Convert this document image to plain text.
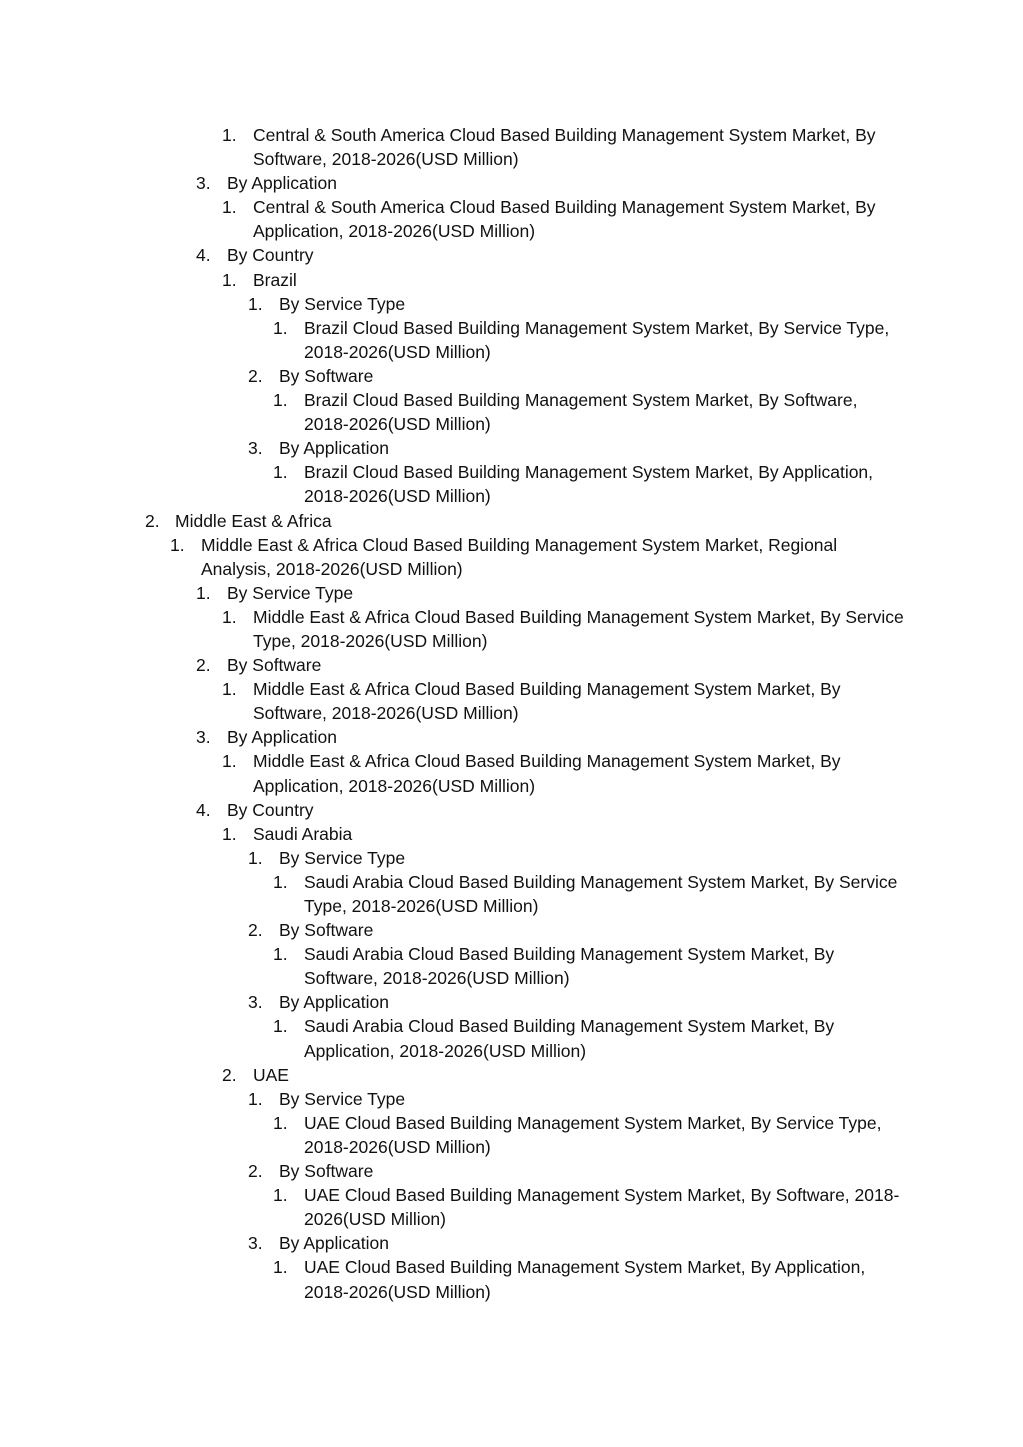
1. Central & South America Cloud Based Building Management System Market, By Software, 2018-2026(USD Million)
3. By Application
1. Central & South America Cloud Based Building Management System Market, By Application, 2018-2026(USD Million)
4. By Country
1. Brazil
1. By Service Type
1. Brazil Cloud Based Building Management System Market, By Service Type, 2018-2026(USD Million)
2. By Software
1. Brazil Cloud Based Building Management System Market, By Software, 2018-2026(USD Million)
3. By Application
1. Brazil Cloud Based Building Management System Market, By Application, 2018-2026(USD Million)
2. Middle East & Africa
1. Middle East & Africa Cloud Based Building Management System Market, Regional Analysis, 2018-2026(USD Million)
1. By Service Type
1. Middle East & Africa Cloud Based Building Management System Market, By Service Type, 2018-2026(USD Million)
2. By Software
1. Middle East & Africa Cloud Based Building Management System Market, By Software, 2018-2026(USD Million)
3. By Application
1. Middle East & Africa Cloud Based Building Management System Market, By Application, 2018-2026(USD Million)
4. By Country
1. Saudi Arabia
1. By Service Type
1. Saudi Arabia Cloud Based Building Management System Market, By Service Type, 2018-2026(USD Million)
2. By Software
1. Saudi Arabia Cloud Based Building Management System Market, By Software, 2018-2026(USD Million)
3. By Application
1. Saudi Arabia Cloud Based Building Management System Market, By Application, 2018-2026(USD Million)
2. UAE
1. By Service Type
1. UAE Cloud Based Building Management System Market, By Service Type, 2018-2026(USD Million)
2. By Software
1. UAE Cloud Based Building Management System Market, By Software, 2018-2026(USD Million)
3. By Application
1. UAE Cloud Based Building Management System Market, By Application, 2018-2026(USD Million)
